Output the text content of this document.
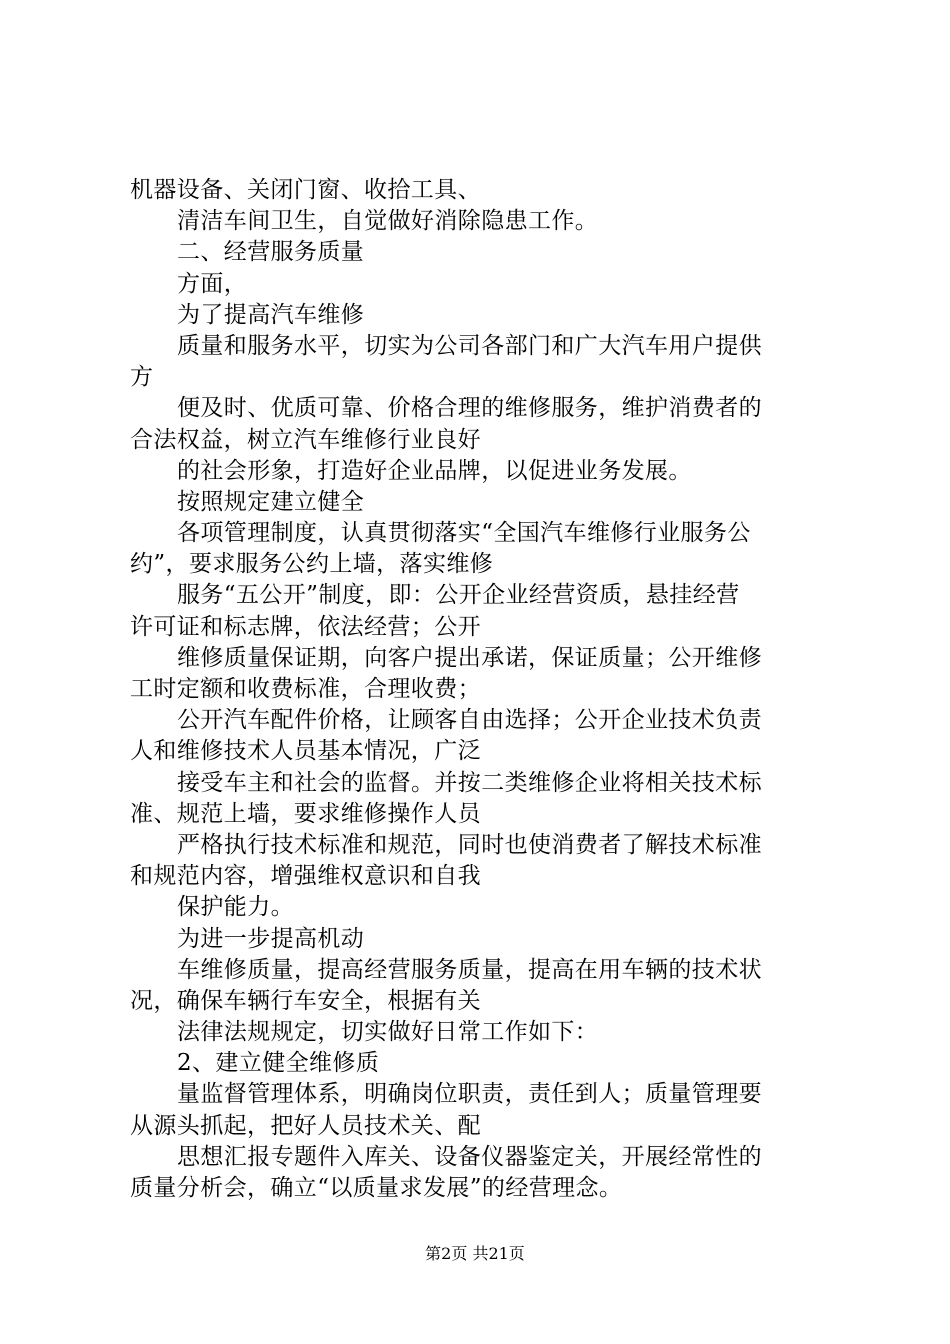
机器设备、关闭门窗、收拾工具、
清洁车间卫生，自觉做好消除隐患工作。
二、经营服务质量
方面，
为了提高汽车维修
质量和服务水平，切实为公司各部门和广大汽车用户提供
方
便及时、优质可靠、价格合理的维修服务，维护消费者的
合法权益，树立汽车维修行业良好
的社会形象，打造好企业品牌，以促进业务发展。
按照规定建立健全
各项管理制度，认真贯彻落实“全国汽车维修行业服务公
约”，要求服务公约上墙，落实维修
服务“五公开”制度，即：公开企业经营资质，悬挂经营
许可证和标志牌，依法经营；公开
维修质量保证期，向客户提出承诺，保证质量；公开维修
工时定额和收费标准，合理收费；
公开汽车配件价格，让顾客自由选择；公开企业技术负责
人和维修技术人员基本情况，广泛
接受车主和社会的监督。并按二类维修企业将相关技术标
准、规范上墙，要求维修操作人员
严格执行技术标准和规范，同时也使消费者了解技术标准
和规范内容，增强维权意识和自我
保护能力。
为进一步提高机动
车维修质量，提高经营服务质量，提高在用车辆的技术状
况，确保车辆行车安全，根据有关
法律法规规定，切实做好日常工作如下：
2、建立健全维修质
量监督管理体系，明确岗位职责，责任到人；质量管理要
从源头抓起，把好人员技术关、配
思想汇报专题件入库关、设备仪器鉴定关，开展经常性的
质量分析会，确立“以质量求发展”的经营理念。
第2页 共21页
